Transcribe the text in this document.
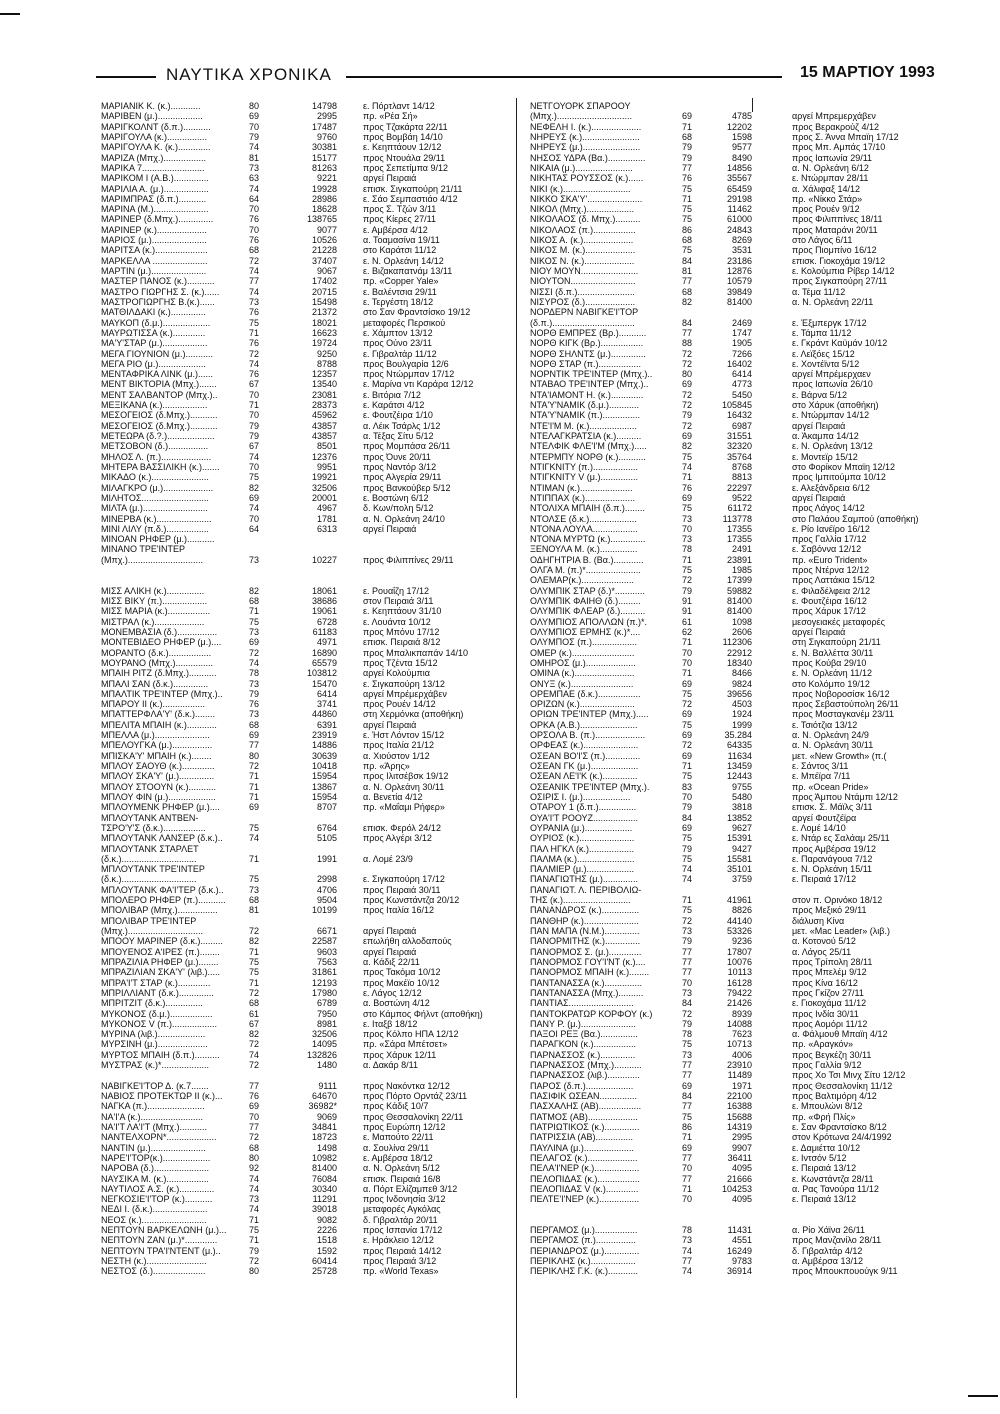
ΝΑΥΤΙΚΑ ΧΡΟΝΙΚΑ	15 ΜΑΡΤΙΟΥ 1993
ΜΑΡΙΑΝΙΚ Κ. (κ.)............	80	14798	ε. Πόρτλαντ 14/12
ΜΑΡΙΒΕΝ (μ.)..................	69	2995	πρ. «Ρέα Σή»
ΜΑΡΙΓΚΟΛΝΤ (δ.π.)...........	70	17487	προς Τζακάρτα 22/11
ΜΑΡΙΓΟΥΛΑ (κ.)................	79	9760	προς Βομβάη 14/10
ΜΑΡΙΓΟΥΛΑ Κ. (κ.).............	74	30381	ε. Κεηπτάουν 12/12
ΜΑΡΙΖΑ (Μπχ.).................	81	15177	προς Ντουάλα 29/11
ΜΑΡΙΚΑ 7.........................	73	81263	προς Σεπετίμπα 9/12
ΜΑΡΙΚΟΜ Ι (Α.Β.)..............	63	9221	αργεί Πειραιά
ΜΑΡΙΛΙΑ Α. (μ.)..................	74	19928	επισκ. Σιγκαπούρη 21/11
ΜΑΡΙΜΠΡΑΣ (δ.π.)...........	64	28986	ε. Σάο Σεμπαστιάο 4/12
ΜΑΡΙΝΑ (Μ.)......................	70	18628	προς Σ. Τζών 3/11
ΜΑΡΙΝΕΡ (δ.Μπχ.)..............	76	138765	προς Κίερες 27/11
ΜΑΡΙΝΕΡ (κ.)....................	70	9077	ε. Αμβέρσα 4/12
ΜΑΡΙΟΣ (μ.)......................	76	10526	α. Τοαμασίνα 19/11
ΜΑΡΙΤΣΑ (κ.).....................	68	21228	στο Καράτσι 11/12
ΜΑΡΚΕΛΛΑ ......................	72	37407	ε. Ν. Ορλεάνη 14/12
ΜΑΡΤΙΝ (μ.)......................	74	9067	ε. Βιζακαπατνάμ 13/11
ΜΑΣΤΕΡ ΠΑΝΟΣ (κ.)...........	77	17402	πρ. «Copper Yale»
ΜΑΣΤΡΟ ΓΙΩΡΓΗΣ Σ. (κ.)......	74	20715	ε. Βαλέντσια 29/11
ΜΑΣΤΡΟΓΙΩΡΓΗΣ Β.(κ.)......	73	15498	ε. Τεργέστη 18/12
ΜΑΤΘΙΛΔΑΚΙ (κ.)..............	76	21372	στο Σαν Φραντσίσκο 19/12
ΜΑΥΚΟΠ (δ.μ.)...................	75	18021	μεταφορές Περσικού
ΜΑΥΡΩΤΙΣΣΑ (κ.).............	71	16623	ε. Χάμπτον 13/12
ΜΑ'Υ'ΣΤΑΡ (μ.)..................	76	19724	προς Ούνο 23/11
ΜΕΓΑ ΓΙΟΥΝΙΟΝ (μ.)...........	72	9250	ε. Γιβραλτάρ 11/12
ΜΕΓΑ ΡΙΟ (μ.)...................	74	8788	προς Βουλγαρία 12/6
ΜΕΝΤΑΦΡΙΚΑ ΛΙΝΚ (μ.)......	76	12357	προς Ντώρμπαν 17/12
ΜΕΝΤ ΒΙΚΤΟΡΙΑ (Μπχ.).......	67	13540	ε. Μαρίνα ντι Καράρα 12/12
ΜΕΝΤ ΣΑΛΒΑΝΤΟΡ (Μπχ.)..	70	23081	ε. Βιτόρια 7/12
ΜΕΞΙΚΑΝΑ (κ.)..................	71	28373	ε. Καράτσι 4/12
ΜΕΣΟΓΕΙΟΣ (δ.Μπχ.)...........	70	45962	ε. Φουτζέιρα 1/10
ΜΕΣΟΓΕΙΟΣ (δ.Μπχ.)...........	79	43857	α. Λέικ Τσάρλς 1/12
ΜΕΤΕΩΡΑ (δ.?.)...................	79	43857	α. Τέξας Σίτυ 5/12
ΜΕΤΣΟΒΟΝ (δ.)................	67	8501	προς Μομπάσα 26/11
ΜΗΛΟΣ Λ. (π.)....................	74	12376	προς Όυνε 20/11
ΜΗΤΕΡΑ ΒΑΣΣΙΛΙΚΗ (κ.).......	70	9951	προς Ναντόρ 3/12
ΜΙΚΑΔΟ (κ.).......................	75	19921	προς Αλγερία 29/11
ΜΙΛΑΓΚΡΟ (μ.)....................	82	32506	προς Βανκούβερ 5/12
ΜΙΛΗΤΟΣ...........................	69	20001	ε. Βοστώνη 6/12
ΜΙΛΤΑ (μ.)..........................	74	4967	δ. Κων/πολη 5/12
ΜΙΝΕΡΒΑ (κ.)......................	70	1781	α. Ν. Ορλεάνη 24/10
ΜΙΝΙ ΛΙΛΥ (π.δ.).................	64	6313	αργεί Πειραιά
ΜΙΝΟΑΝ ΡΗΦΕΡ (μ.)...........
ΜΙΝΑΝΟ ΤΡΕ'ΙΝΤΕΡ
(Μπχ.)..............................	73	10227	προς Φιλιππίνες 29/11
ΜΙΣΣ ΑΛΙΚΗ (κ.)...............	82	18061	ε. Ρουαΐζη 17/12
ΜΙΣΣ ΒΙΚΥ (π.)..................	68	38686	στον Πειραιά 3/11
ΜΙΣΣ ΜΑΡΙΑ (κ.).................	71	19061	ε. Κεηπτάουν 31/10
ΜΙΣΤΡΑΛ (κ.)....................	75	6728	ε. Λουάντα 10/12
ΜΟΝΕΜΒΑΣΙΑ (δ.)................	73	61183	προς Μπόνυ 17/12
ΜΟΝΤΕΒΙΔΕΟ ΡΗΦΕΡ (μ.)....	69	4971	επισκ. Πειραιά 8/12
ΜΟΡΑΝΤΟ (δ.κ.).................	72	16890	προς Μπαλικπαπάν 14/10
ΜΟΥΡΑΝΟ (Μπχ.)...............	74	65579	προς Τζέντα 15/12
ΜΠΑΙΗ ΡΙΤΖ (δ.Μπχ.)...........	78	103812	αργεί Κολούμπια
ΜΠΑΛΙ ΣΑΝ (δ.κ.)..............	73	15470	ε. Σιγκαπούρη 13/12
ΜΠΑΛΤΙΚ ΤΡΕ'ΙΝΤΕΡ (Μπχ.)..	79	6414	αργεί Μπρέμερχάβεν
ΜΠΑΡΟΥ ΙΙ (κ.).................	76	3741	προς Ρουέν 14/12
ΜΠΑΤΤΕΡΦΛΑ'Υ' (δ.κ.)........	73	44860	στη Χερμόνκα (αποθήκη)
ΜΠΕΛΙΤΑ ΜΠΑΙΗ (κ.)............	68	6391	αργεί Πειραιά
ΜΠΕΛΛΑ (μ.)......................	69	23919	ε. Ήστ Λόντον 15/12
ΜΠΕΛΟΥΓΚΑ (μ.)................	77	14886	προς Ιταλία 21/12
ΜΠΙΣΚΑ'Υ' ΜΠΑΙΗ (κ.)........	80	30639	α. Χιούστον 1/12
ΜΠΛΟΥ ΣΑΟΥΘ (κ.).............	72	10418	πρ. «Άρης»
ΜΠΛΟΥ ΣΚΑ'Υ' (μ.)..............	71	15954	προς Ιλιτσέβσκ 19/12
ΜΠΛΟΥ ΣΤΟΟΥΝ (κ.)...........	71	13867	α. Ν. Ορλεάνη 30/11
ΜΠΛΟΥ ΦΙΝ (μ.)...................	71	15954	α. Βενετία 4/12
ΜΠΛΟΥΜΕΝΚ ΡΗΦΕΡ (μ.)....	69	8707	πρ. «Μαΐαμι Ρήφερ»
ΜΠΛΟΥΤΑΝΚ ΑΝΤΒΕΝ-
ΤΣΡΟ'Υ'Σ (δ.κ.).................	75	6764	επισκ. Φερόλ 24/12
ΜΠΛΟΥΤΑΝΚ ΛΑΝΣΕΡ (δ.κ.)..	74	5105	προς Αλγέρι 3/12
ΜΠΛΟΥΤΑΝΚ ΣΤΑΡΛΕΤ
(δ.κ.)..............................	71	1991	α. Λομέ 23/9
ΜΠΛΟΥΤΑΝΚ ΤΡΕ'ΙΝΤΕΡ
(δ.κ.)..............................	75	2998	ε. Σιγκαπούρη 17/12
ΜΠΛΟΥΤΑΝΚ ΦΑ'Ι'ΤΕΡ (δ.κ.)..	73	4706	προς Πειραιά 30/11
ΜΠΟΛΕΡΟ ΡΗΦΕΡ (π.)...........	68	9504	προς Κωνστάντζα 20/12
ΜΠΟΛΙΒΑΡ (Μπχ.)................	81	10199	προς Ιταλία 16/12
ΜΠΟΛΙΒΑΡ ΤΡΕ'ΙΝΤΕΡ
(Μπχ.)..............................	72	6671	αργεί Πειραιά
ΜΠΟΟΥ ΜΑΡΙΝΕΡ (δ.κ.).........	82	22587	επωλήθη αλλοδαπούς
ΜΠΟΥΕΝΟΣ Α'ΙΡΕΣ (π.)........	71	9603	αργεί Πειραιά
ΜΠΡΑΖΙΛΙΑ ΡΗΦΕΡ (μ.)........	75	7563	α. Κάδιξ 22/11
ΜΠΡΑΖΙΛΙΑΝ ΣΚΑ'Υ' (λιβ.).....	75	31861	προς Τακόμα 10/12
ΜΠΡΑ'Ι'Τ ΣΤΑΡ (κ.).............	71	12193	προς Μακέϊο 10/12
ΜΠΡΙΛΛΙΑΝΤ (δ.κ.)..............	72	17980	ε. Λάγος 12/12
ΜΠΡΙΤΖΙΤ (δ.κ.)...............	68	6789	α. Βοστώνη 4/12
ΜΥΚΟΝΟΣ (δ.μ.).................	61	7950	στο Κάμπος Φήλντ (αποθήκη)
ΜΥΚΟΝΟΣ V (π.)..................	67	8981	ε. Ιταξβ 18/12
ΜΥΡΙΝΑ (λιβ.)...................	82	32506	προς Κόλπο ΗΠΑ 12/12
ΜΥΡΣΙΝΗ (μ.)....................	72	14095	πρ. «Σάρα Μπέτσετ»
ΜΥΡΤΟΣ ΜΠΑΙΗ (δ.π.)..........	74	132826	προς Χάρυκ 12/11
ΜΥΣΤΡΑΣ (κ.)*...................	72	1480	α. Δακάρ 8/11
ΝΑΒΙΓΚΕ'Ι'ΤΟΡ Δ. (κ.7.......	77	9111	προς Νακόντκα 12/12
ΝΑΒΙΟΣ ΠΡΟΤΕΚΤΩΡ ΙΙ (κ.)...	76	64670	προς Πόρτο Ορντάζ 23/11
ΝΑΓΚΑ (π.).......................	69	36982*	προς Κάδιξ 10/7
ΝΑ'Ι'Α (κ.).........................	70	9069	προς Θεσσαλονίκη 22/11
ΝΑ'Ι'Τ ΛΑ'Ι'Τ (Μπχ.)...........	77	34841	προς Ευρώπη 12/12
ΝΑΝΤΕΛΧΟΡΝ*....................	72	18723	ε. Μαπούτο 22/11
ΝΑΝΤΙΝ (μ.)......................	68	1498	α. Σουλίνα 29/11
ΝΑΡΕ'Ι'ΤΟΡ(κ.)...................	80	10982	ε. Αμβέρσα 18/12
ΝΑΡΟΒΑ (δ.)......................	92	81400	α. Ν. Ορλεάνη 5/12
ΝΑΥΣΙΚΑ Μ. (κ.).................	74	76084	επισκ. Πειραιά 16/8
ΝΑΥΤΙΛΟΣ Α.Σ. (κ.)..............	74	30340	α. Πόρτ Ελίζαμπεθ 3/12
ΝΕΓΚΟΣΙΕ'Ι'ΤΟΡ (κ.)...........	73	11291	προς Ινδονησία 3/12
ΝΕΔΙ Ι. (δ.κ.)......................	74	39018	μεταφορές Αγκόλας
ΝΕΟΣ (κ.)..........................	71	9082	δ. Γιβραλτάρ 20/11
ΝΕΠΤΟΥΝ ΒΑΡΚΕΛΩΝΗ (μ.)...	75	2226	προς Ισπανία 17/12
ΝΕΠΤΟΥΝ ΖΑΝ (μ.)*.............	71	1518	ε. Ηράκλειο 12/12
ΝΕΠΤΟΥΝ ΤΡΑ'Ι'ΝΤΕΝΤ (μ.)..	79	1592	προς Πειραιά 14/12
ΝΕΣΤΗ (κ.)........................	72	60414	προς Πειραιά 3/12
ΝΕΣΤΟΣ (δ.).....................	80	25728	πρ. «World Texas»
ΝΕΤΓΟΥΟΡΚ ΣΠΑΡΟΟΥ
(Μπχ.)..............................	69	4785	αργεί Μπρεμερχάβεν
ΝΕΦΕΛΗ Ι. (κ.)....................	71	12202	προς Βερακρούζ 4/12
ΝΗΡΕΥΣ (κ.).......................	68	1598	προς Σ. Άννα Μπαϊη 17/12
ΝΗΡΕΥΣ (μ.).......................	79	9577	προς Μπ. Αμπάς 17/10
ΝΗΣΟΣ ΥΔΡΑ (Βα.)...............	79	8490	προς Ιαπωνία 29/11
ΝΙΚΑΙΑ (μ.).......................	77	14856	α. Ν. Ορλεάνη 6/12
ΝΙΚΗΤΑΣ ΡΟΥΣΣΟΣ (κ.)......	76	35567	ε. Ντώρμπαν 28/11
ΝΙΚΙ (κ.)...........................	75	65459	α. Χάλιφαξ 14/12
ΝΙΚΚΟ ΣΚΑ'Υ'......................	71	29198	πρ. «Νίκκο Στάρ»
ΝΙΚΟΛ (Μπχ.)...................	75	11462	προς Ρουέν 9/12
ΝΙΚΟΛΑΟΣ (δ. Μπχ.)..........	75	61000	προς Φιλιππίνες 18/11
ΝΙΚΟΛΑΟΣ (π.).................	86	24843	προς Ματαράνι 20/11
ΝΙΚΟΣ Α. (κ.)....................	68	8269	στο Λάγος 6/11
ΝΙΚΟΣ Μ. (κ.)....................	75	3531	προς Πιομπίνο 16/12
ΝΙΚΟΣ Ν. (κ.)....................	84	23186	επισκ. Γιοκοχάμα 19/12
ΝΙΟΥ ΜΟΥΝ.......................	81	12876	ε. Κολούμπια Ρίβερ 14/12
ΝΙΟΥΤΟΝ..........................	77	10579	προς Σιγκαπούρη 27/11
ΝΙΣΣΙ (δ.π.).......................	68	39849	α. Τέμα 11/12
ΝΙΣΥΡΟΣ (δ.)....................	82	81400	α. Ν. Ορλεάνη 22/11
ΝΟΡΔΕΡΝ ΝΑΒΙΓΚΕ'Ι'ΤΟΡ
(δ.π.).................................	84	2469	ε. Έξμπεργκ 17/12
ΝΟΡΘ ΕΜΠΡΕΣ (Βρ.)...........	77	1747	ε. Τάμπα 11/12
ΝΟΡΘ ΚΙΓΚ (Βρ.).................	88	1905	ε. Γκράντ Καϋμάν 10/12
ΝΟΡΘ ΣΗΛΝΤΣ (μ.)..............	72	7266	ε. Λεϊξόες 15/12
ΝΟΡΘ ΣΤΑΡ (π.).................	72	16402	ε. Χοντέϊντα 5/12
ΝΟΡΝΤΙΚ ΤΡΕ'ΙΝΤΕΡ (Μπχ.)..	80	6414	αργεί Μπρέμερχαεν
ΝΤΑΒΑΟ ΤΡΕ'ΙΝΤΕΡ (Μπχ.)..	69	4773	προς Ιαπωνία 26/10
ΝΤΑ'ΙΑΜΟΝΤ Η. (κ.).............	72	5450	ε. Βάρνα 5/12
ΝΤΑ'Υ'ΝΑΜΙΚ (δ.μ.)............	72	105845	στο Χάρυκ (αποθήκη)
ΝΤΑ'Υ'ΝΑΜΙΚ (π.)...............	79	16432	ε. Ντώρμπαν 14/12
ΝΤΕ'Ι'Μ Μ. (κ.)...................	72	6987	αργεί Πειραιά
ΝΤΕΛΑΓΚΡΑΤΣΙΑ (κ.)..........	69	31551	α. Άκαμπα 14/12
ΝΤΕΛΦΙΚ ΦΛΕ'Ι'Μ (Μπχ.).....	82	32320	ε. Ν. Ορλεάνη 13/12
ΝΤΕΡΜΠΥ ΝΟΡΘ (κ.)...........	75	35764	ε. Μοντεϊρ 15/12
ΝΤΙΓΚΝΙΤΥ (π.)..................	74	8768	στο Φορίκον Μπαϊη 12/12
ΝΤΙΓΚΝΙΤΥ V (μ.)...............	71	8813	προς Ιμπιτούμπα 10/12
ΝΤΙΜΑΝ (κ.).....................	76	22297	ε. Αλεξάνδρεια 6/12
ΝΤΙΠΠΑΧ (κ.)....................	69	9522	αργεί Πειραιά
ΝΤΟΛΙΧΑ ΜΠΑΙΗ (δ.π.)........	75	61172	προς Λάγος 14/12
ΝΤΟΛΣΕ (δ.κ.)...................	73	113778	στο Παλάου Σαμπού (αποθήκη)
ΝΤΟΝΑ ΛΟΥΛΑ..................	70	17355	ε. Ρίο Ιανέϊρο 16/12
ΝΤΟΝΑ ΜΥΡΤΩ (κ.)..............	73	17355	προς Γαλλία 17/12
ΞΕΝΟΥΛΑ Μ. (κ.)...............	78	2491	ε. Σαβόννα 12/12
ΟΔΗΓΗΤΡΙΑ Β. (Βα.)............	71	23891	πρ. «Euro Trident»
ΟΛΓΑ Μ. (π.)*......................	75	1985	προς Ντέρνα 12/12
ΟΛΕΜΑΡ(κ.).....................	72	17399	προς Λαττάκια 15/12
ΟΛΥΜΠΙΚ ΣΤΑΡ (δ.)*............	79	59882	ε. Φιλαδέλφεια 2/12
ΟΛΥΜΠΙΚ ΦΑΙΗΘ (δ.).........	91	81400	ε. Φουτζέιρα 16/12
ΟΛΥΜΠΙΚ ΦΛΕΑΡ (δ.)..........	91	81400	προς Χάρυκ 17/12
ΟΛΥΜΠΙΟΣ ΑΠΟΛΛΩΝ (π.)*.	61	1098	μεσογειακές μεταφορές
ΟΛΥΜΠΙΟΣ ΕΡΜΗΣ (κ.)*....	62	2606	αργεί Πειραιά
ΟΛΥΜΠΟΣ (π.)..................	71	112306	στη Σιγκαπούρη 21/11
ΟΜΕΡ (κ.).........................	70	22912	ε. Ν. Βαλλέττα 30/11
ΟΜΗΡΟΣ (μ.)....................	70	18340	προς Κούβα 29/10
ΟΜΙΝΑ (κ.)........................	71	8466	ε. Ν. Ορλεάνη 11/12
ΟΝΥΞ (κ.).........................	69	9824	στο Κολόμπο 19/12
ΟΡΕΜΠΑΕ (δ.κ.).................	75	39656	προς Νοβοροσίσκ 16/12
ΟΡΙΖΩΝ (κ.)......................	72	4503	προς Σεβαστούπολη 26/11
ΟΡΙΩΝ ΤΡΕ'ΙΝΤΕΡ (Μπχ.).....	69	1924	προς Μοσταγκανέμ 23/11
ΟΡΚΑ (Α.Β.).......................	75	1999	ε. Τσιότζια 13/12
ΟΡΣΟΛΑ Β. (π.)....................	69	35.284	α. Ν. Ορλεάνη 24/9
ΟΡΦΕΑΣ (κ.)......................	72	64335	α. Ν. Ορλεάνη 30/11
ΟΣΕΑΝ ΒΟ'Ι'Σ (π.)..............	69	11634	μετ. «New Growth» (π.(
ΟΣΕΑΝ ΓΚ (μ.)...................	71	13459	ε. Σάντος 3/11
ΟΣΕΑΝ ΛΕ'Ι'Κ (κ.)..............	75	12443	ε. Μπέϊρα 7/11
ΟΣΕΑΝΙΚ ΤΡΕ'ΙΝΤΕΡ (Μπχ.).	83	9755	πρ. «Ocean Pride»
ΟΣΙΡΙΣ Ι. (μ.)...................	70	5480	προς Άμπου Ντάμπι 12/12
ΟΤΑΡΟΥ 1 (δ.π.)...............	79	3818	επισκ. Σ. Μάϊλς 3/11
ΟΥΑ'Ι'Τ ΡΟΟΥΖ..................	84	13852	αργεί Φουτζέϊρα
ΟΥΡΑΝΙΑ (μ.)...................	69	9627	ε. Λομέ 14/10
ΟΥΡΙΟΣ (κ.)......................	75	15391	ε. Ντάρ ες Σαλάαμ 25/11
ΠΑΛ ΗΓΚΛ (κ.)..................	79	9427	προς Αμβέρσα 19/12
ΠΑΛΜΑ (κ.).......................	75	15581	ε. Παρανάγουα 7/12
ΠΑΛΜΙΕΡ (μ.)...................	74	35101	ε. Ν. Ορλεάνη 15/11
ΠΑΝΑΓΙΩΤΗΣ (μ.)..............	74	3759	ε. Πειραιά 17/12
ΠΑΝΑΓΙΩΤ. Λ. ΠΕΡΙΒΟΛΙΩ-
ΤΗΣ (κ.)...........................	71	41961	στον π. Ορινόκο 18/12
ΠΑΝΑΝΔΡΟΣ (κ.)...............	75	8826	προς Μεξικό 29/11
ΠΑΝΘΗΡ (κ.)......................	72	44140	διάλυση Κίνα
ΠΑΝ ΜΑΠΑ (Ν.Μ.)..............	73	53326	μετ. «Mac Leader» (λιβ.)
ΠΑΝΟΡΜΙΤΗΣ (κ.)..............	79	9236	α. Κοτονού 5/12
ΠΑΝΟΡΜΟΣ Σ. (μ.).............	77	17807	α. Λάγος 25/11
ΠΑΝΟΡΜΟΣ ΓΟΥ'Ι'ΝΤ (κ.)....	77	10076	προς Τρίπολη 28/11
ΠΑΝΟΡΜΟΣ ΜΠΑΙΗ (κ.)........	77	10113	προς Μπελέμ 9/12
ΠΑΝΤΑΝΑΣΣΑ (κ.)...............	70	16128	προς Κίνα 16/12
ΠΑΝΤΑΝΑΣΣΑ (Μπχ.)..........	73	79422	προς Γκίζον 27/11
ΠΑΝΤΙΑΣ..........................	84	21426	ε. Γιοκοχάμα 11/12
ΠΑΝΤΟΚΡΑΤΩΡ ΚΟΡΦΟΥ (κ.)	72	8939	προς Ινδία 30/11
ΠΑΝΥ Ρ. (μ.)......................	79	14088	προς Αομόρι 11/12
ΠΑΞΟΙ ΡΕΞ (Βα.)...............	78	7623	α. Φάλμουθ Μπαϊη 4/12
ΠΑΡΑΓΚΟΝ (κ.).................	75	10713	πρ. «Αραγκόν»
ΠΑΡΝΑΣΣΟΣ (κ.)..............	73	4006	προς Βεγκέζη 30/11
ΠΑΡΝΑΣΣΟΣ (Μπχ.)...........	77	23910	προς Γαλλία 9/12
ΠΑΡΝΑΣΣΟΣ (λιβ.).............	77	11489	προς Χο Τσι Μινχ Σίτυ 12/12
ΠΑΡΟΣ (δ.π.)...................	69	1971	προς Θεσσαλονίκη 11/12
ΠΑΣΙΦΙΚ ΩΣΕΑΝ...............	84	22100	προς Βαλτιμόρη 4/12
ΠΑΣΧΑΛΗΣ (ΑΒ).................	77	16388	ε. Μπουλώνι 8/12
ΠΑΤΜΟΣ (ΑΒ)....................	75	15688	πρ. «Φρή Πλίς»
ΠΑΤΡΙΩΤΙΚΟΣ (κ.)..............	86	14319	ε. Σαν Φραντσίσκο 8/12
ΠΑΤΡΙΣΣΙΑ (ΑΒ)...............	71	2995	στον Κρότωνα 24/4/1992
ΠΑΥΛΙΝΑ (μ.)....................	69	9907	ε. Δαμιέττα 10/12
ΠΕΛΑΓΟΣ (κ.)....................	77	36411	ε. Ιντσόν 5/12
ΠΕΛΑ'Ι'ΝΕΡ (κ.)..................	70	4095	ε. Πειραιά 13/12
ΠΕΛΟΠΙΔΑΣ (κ.).................	77	21666	ε. Κωνστάντζα 28/11
ΠΕΛΟΠΙΔΑΣ V (κ.).............	71	104253	α. Ρας Τανούρα 11/12
ΠΕΛΤΕ'Ι'ΝΕΡ (κ.)................	70	4095	ε. Πειραιά 13/12
ΠΕΡΓΑΜΟΣ (μ.).................	78	11431	α. Ρίο Χάϊνα 26/11
ΠΕΡΓΑΜΟΣ (π.)................	73	4551	προς Μανζανίλο 28/11
ΠΕΡΙΑΝΔΡΟΣ (μ.)..............	74	16249	δ. Γιβραλτάρ 4/12
ΠΕΡΙΚΛΗΣ (κ.)..................	77	9783	α. Αμβέρσα 13/12
ΠΕΡΙΚΛΗΣ Γ.Κ. (κ.)............	74	36914	προς Μπουκπουούγκ 9/11
